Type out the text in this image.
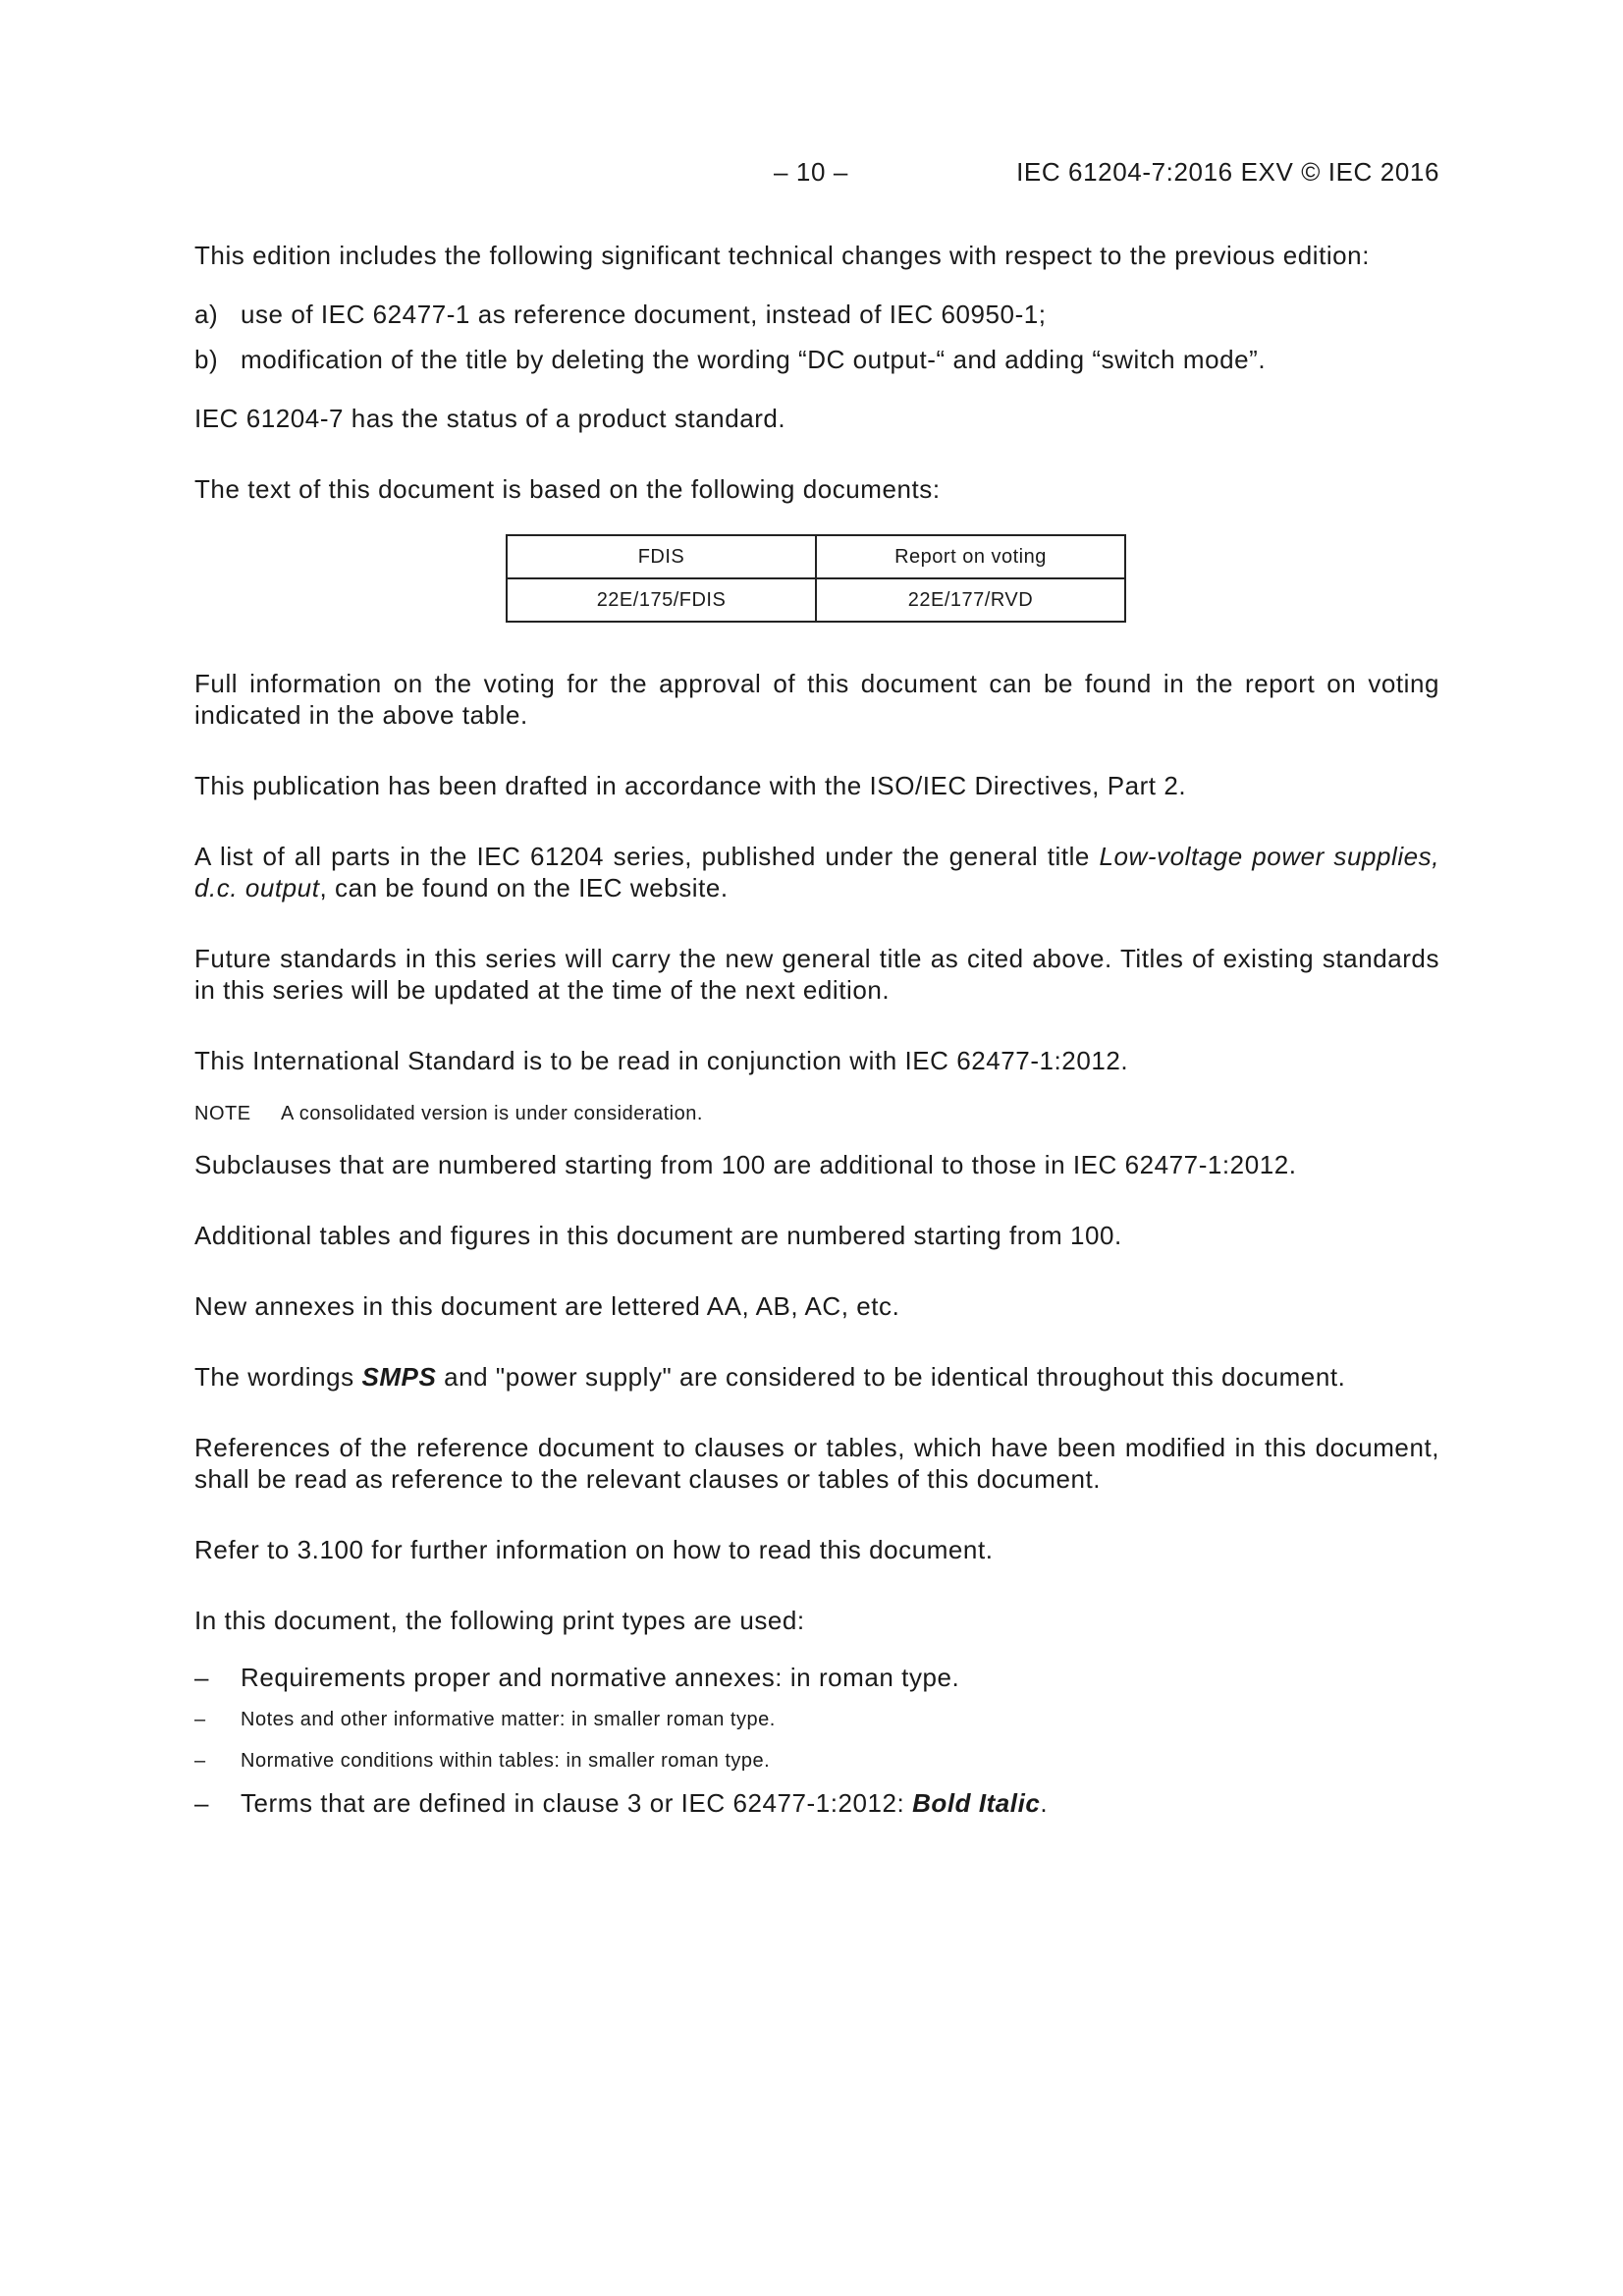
– 10 –	IEC 61204-7:2016 EXV © IEC 2016

This edition includes the following significant technical changes with respect to the previous edition:

a) use of IEC 62477-1 as reference document, instead of IEC 60950-1;
b) modification of the title by deleting the wording “DC output-“ and adding “switch mode”.

IEC 61204-7 has the status of a product standard.

The text of this document is based on the following documents:

FDIS	Report on voting
22E/175/FDIS	22E/177/RVD

Full information on the voting for the approval of this document can be found in the report on voting indicated in the above table.

This publication has been drafted in accordance with the ISO/IEC Directives, Part 2.

A list of all parts in the IEC 61204 series, published under the general title Low-voltage power supplies, d.c. output, can be found on the IEC website.

Future standards in this series will carry the new general title as cited above. Titles of existing standards in this series will be updated at the time of the next edition.

This International Standard is to be read in conjunction with IEC 62477-1:2012.

NOTE A consolidated version is under consideration.

Subclauses that are numbered starting from 100 are additional to those in IEC 62477-1:2012.

Additional tables and figures in this document are numbered starting from 100.

New annexes in this document are lettered AA, AB, AC, etc.

The wordings SMPS and "power supply" are considered to be identical throughout this document.

References of the reference document to clauses or tables, which have been modified in this document, shall be read as reference to the relevant clauses or tables of this document.

Refer to 3.100 for further information on how to read this document.

In this document, the following print types are used:

– Requirements proper and normative annexes: in roman type.
– Notes and other informative matter: in smaller roman type.
– Normative conditions within tables: in smaller roman type.
– Terms that are defined in clause 3 or IEC 62477-1:2012: Bold Italic.
